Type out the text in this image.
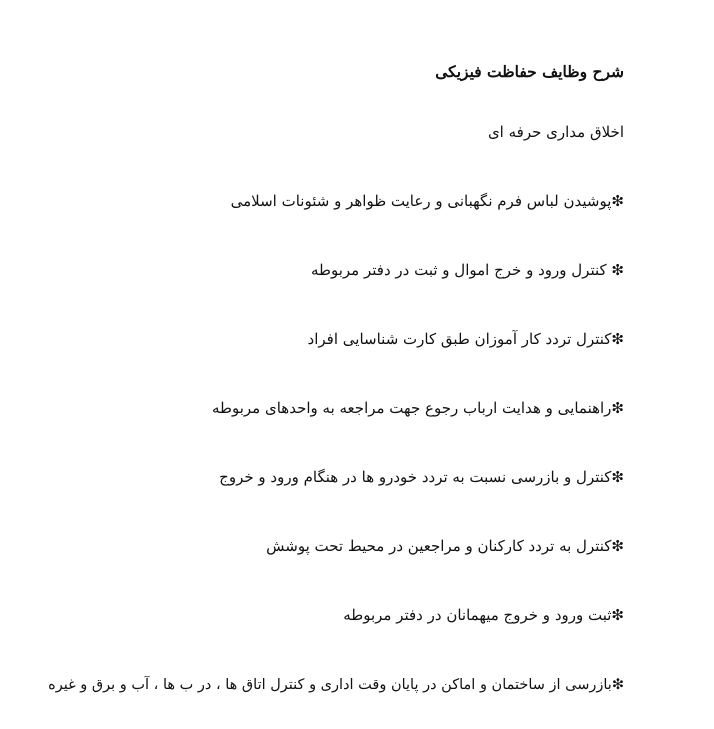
شرح وظایف حفاظت فیزیکی
اخلاق مداری حرفه ای
❇پوشیدن لباس فرم نگهبانی و رعایت ظواهر و شئونات اسلامی
❇ کنترل ورود و خرج اموال و ثبت در دفتر مربوطه
❇کنترل تردد کار آموزان طبق کارت شناسایی افراد
❇راهنمایی و هدایت ارباب رجوع جهت مراجعه به واحدهای مربوطه
❇کنترل و بازرسی نسبت به تردد خودرو ها در هنگام ورود و خروج
❇کنترل به تردد کارکنان و مراجعین در محیط تحت پوشش
❇ثبت ورود و خروج میهمانان در دفتر مربوطه
❇بازرسی از ساختمان و اماکن در پایان وقت اداری و کنترل اتاق ها ، در ب ها ، آب و برق و غیره
